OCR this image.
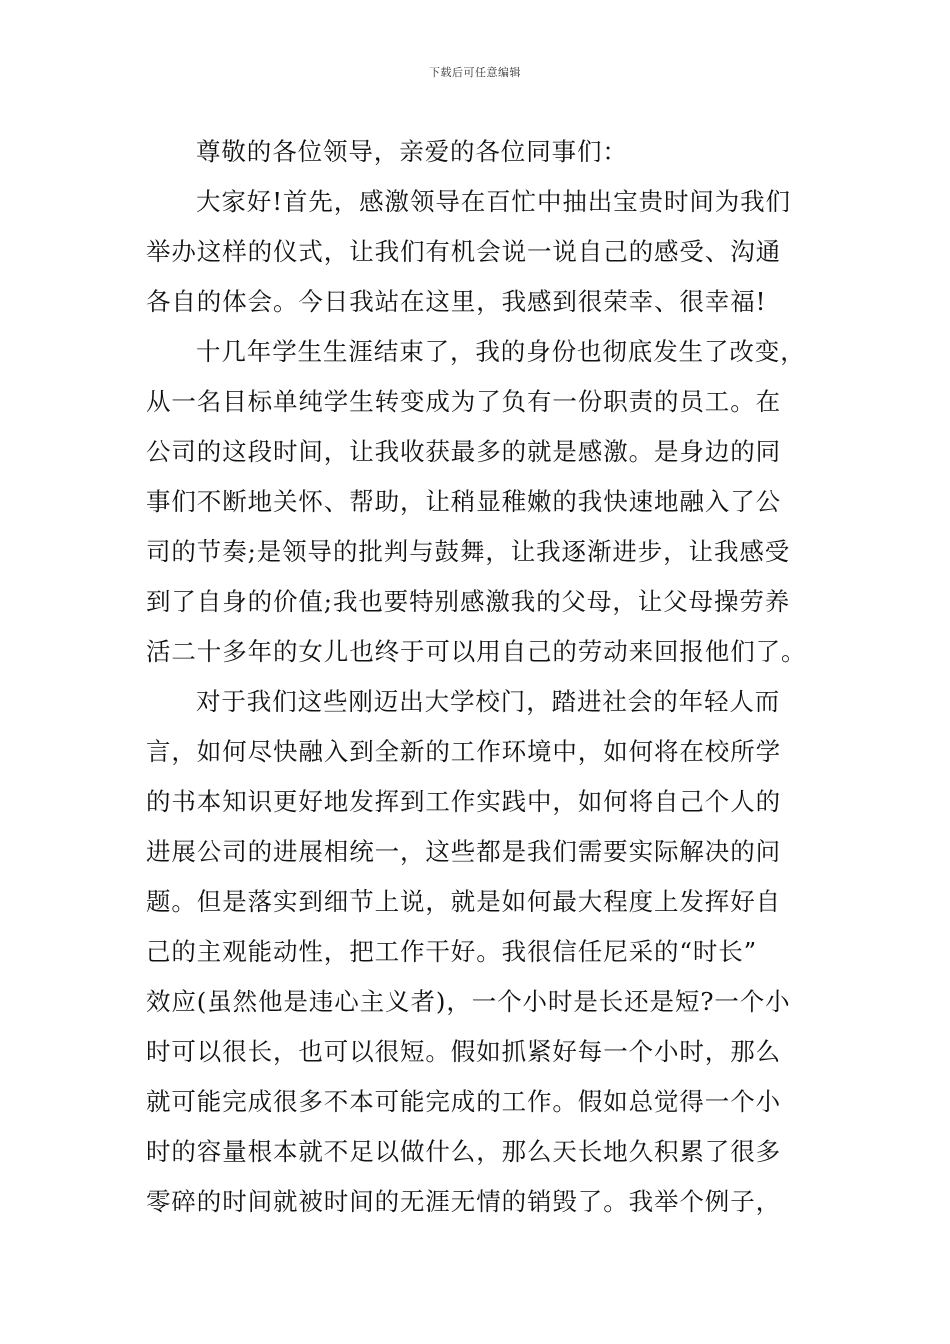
下载后可任意编辑
尊敬的各位领导，亲爱的各位同事们：
大家好!首先，感激领导在百忙中抽出宝贵时间为我们
举办这样的仪式，让我们有机会说一说自己的感受、沟通
各自的体会。今日我站在这里，我感到很荣幸、很幸福!
十几年学生生涯结束了，我的身份也彻底发生了改变，
从一名目标单纯学生转变成为了负有一份职责的员工。在
公司的这段时间，让我收获最多的就是感激。是身边的同
事们不断地关怀、帮助，让稍显稚嫩的我快速地融入了公
司的节奏;是领导的批判与鼓舞，让我逐渐进步，让我感受
到了自身的价值;我也要特别感激我的父母，让父母操劳养
活二十多年的女儿也终于可以用自己的劳动来回报他们了。
对于我们这些刚迈出大学校门，踏进社会的年轻人而
言，如何尽快融入到全新的工作环境中，如何将在校所学
的书本知识更好地发挥到工作实践中，如何将自己个人的
进展公司的进展相统一，这些都是我们需要实际解决的问
题。但是落实到细节上说，就是如何最大程度上发挥好自
己的主观能动性，把工作干好。我很信任尼采的“时长”
效应(虽然他是违心主义者)，一个小时是长还是短?一个小
时可以很长，也可以很短。假如抓紧好每一个小时，那么
就可能完成很多不本可能完成的工作。假如总觉得一个小
时的容量根本就不足以做什么，那么天长地久积累了很多
零碎的时间就被时间的无涯无情的销毁了。我举个例子，
